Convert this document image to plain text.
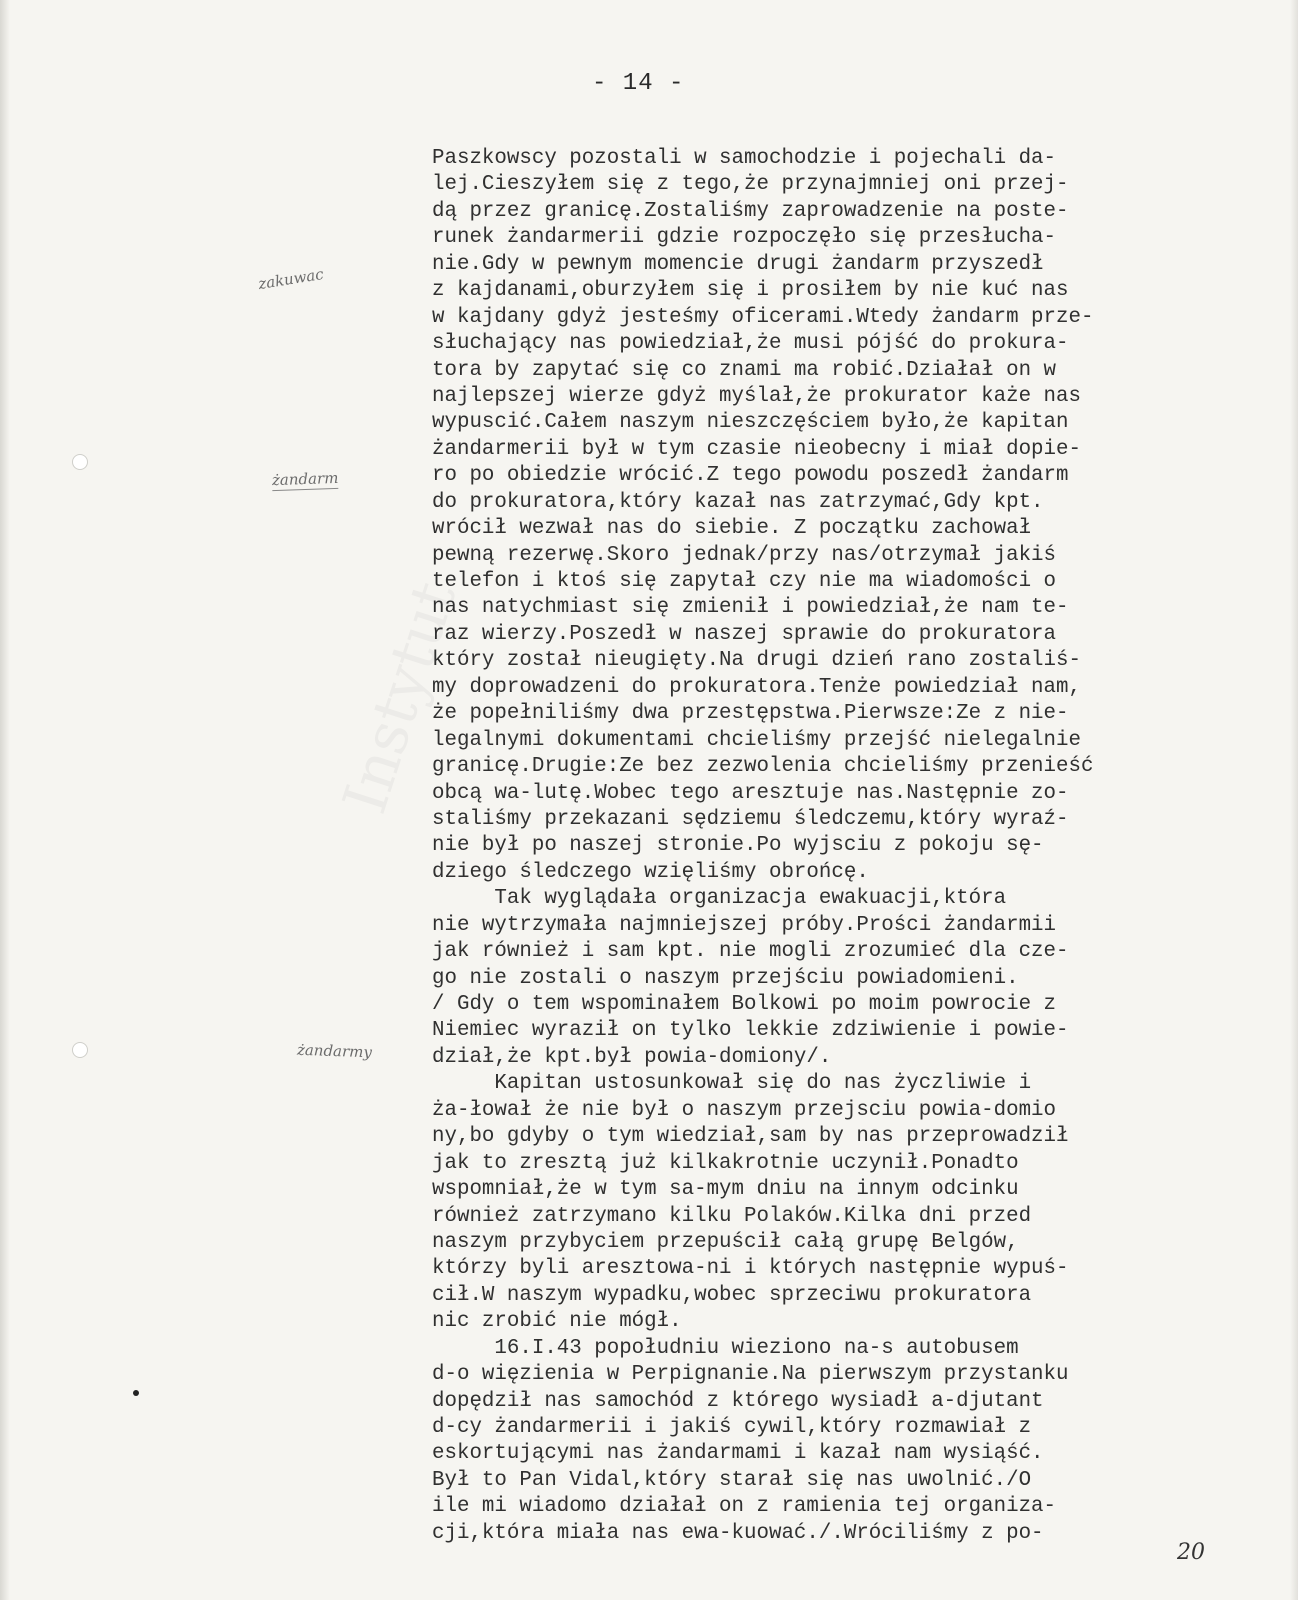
Instytut
- 14 -
zakuwac
żandarm
żandarmy
Paszkowscy pozostali w samochodzie i pojechali da-
lej.Cieszyłem się z tego,że przynajmniej oni przej-
dą przez granicę.Zostaliśmy zaprowadzenie na poste-
runek żandarmerii gdzie rozpoczęło się przesłucha-
nie.Gdy w pewnym momencie drugi żandarm przyszedł
z kajdanami,oburzyłem się i prosiłem by nie kuć nas
w kajdany gdyż jesteśmy oficerami.Wtedy żandarm prze-
słuchający nas powiedział,że musi pójść do prokura-
tora by zapytać się co znami ma robić.Działał on w
najlepszej wierze gdyż myślał,że prokurator każe nas
wypuscić.Całem naszym nieszczęściem było,że kapitan
żandarmerii był w tym czasie nieobecny i miał dopie-
ro po obiedzie wrócić.Z tego powodu poszedł żandarm
do prokuratora,który kazał nas zatrzymać,Gdy kpt.
wrócił wezwał nas do siebie. Z początku zachował
pewną rezerwę.Skoro jednak/przy nas/otrzymał jakiś
telefon i ktoś się zapytał czy nie ma wiadomości o
nas natychmiast się zmienił i powiedział,że nam te-
raz wierzy.Poszedł w naszej sprawie do prokuratora
który został nieugięty.Na drugi dzień rano zostaliś-
my doprowadzeni do prokuratora.Tenże powiedział nam,
że popełniliśmy dwa przestępstwa.Pierwsze:Ze z nie-
legalnymi dokumentami chcieliśmy przejść nielegalnie
granicę.Drugie:Ze bez zezwolenia chcieliśmy przenieść
obcą wa-lutę.Wobec tego aresztuje nas.Następnie zo-
staliśmy przekazani sędziemu śledczemu,który wyraź-
nie był po naszej stronie.Po wyjsciu z pokoju sę-
dziego śledczego wzięliśmy obrońcę.
Tak wyglądała organizacja ewakuacji,która
nie wytrzymała najmniejszej próby.Prości żandarmii
jak również i sam kpt. nie mogli zrozumieć dla cze-
go nie zostali o naszym przejściu powiadomieni.
/ Gdy o tem wspominałem Bolkowi po moim powrocie z
Niemiec wyraził on tylko lekkie zdziwienie i powie-
dział,że kpt.był powia-domiony/.
Kapitan ustosunkował się do nas życzliwie i
ża-łował że nie był o naszym przejsciu powia-domio
ny,bo gdyby o tym wiedział,sam by nas przeprowadził
jak to zresztą już kilkakrotnie uczynił.Ponadto
wspomniał,że w tym sa-mym dniu na innym odcinku
również zatrzymano kilku Polaków.Kilka dni przed
naszym przybyciem przepuścił całą grupę Belgów,
którzy byli aresztowa-ni i których następnie wypuś-
cił.W naszym wypadku,wobec sprzeciwu prokuratora
nic zrobić nie mógł.
16.I.43 popołudniu wieziono na-s autobusem
d-o więzienia w Perpignanie.Na pierwszym przystanku
dopędził nas samochód z którego wysiadł a-djutant
d-cy żandarmerii i jakiś cywil,który rozmawiał z
eskortującymi nas żandarmami i kazał nam wysiąść.
Był to Pan Vidal,który starał się nas uwolnić./O
ile mi wiadomo działał on z ramienia tej organiza-
cji,która miała nas ewa-kuować./.Wróciliśmy z po-
20
